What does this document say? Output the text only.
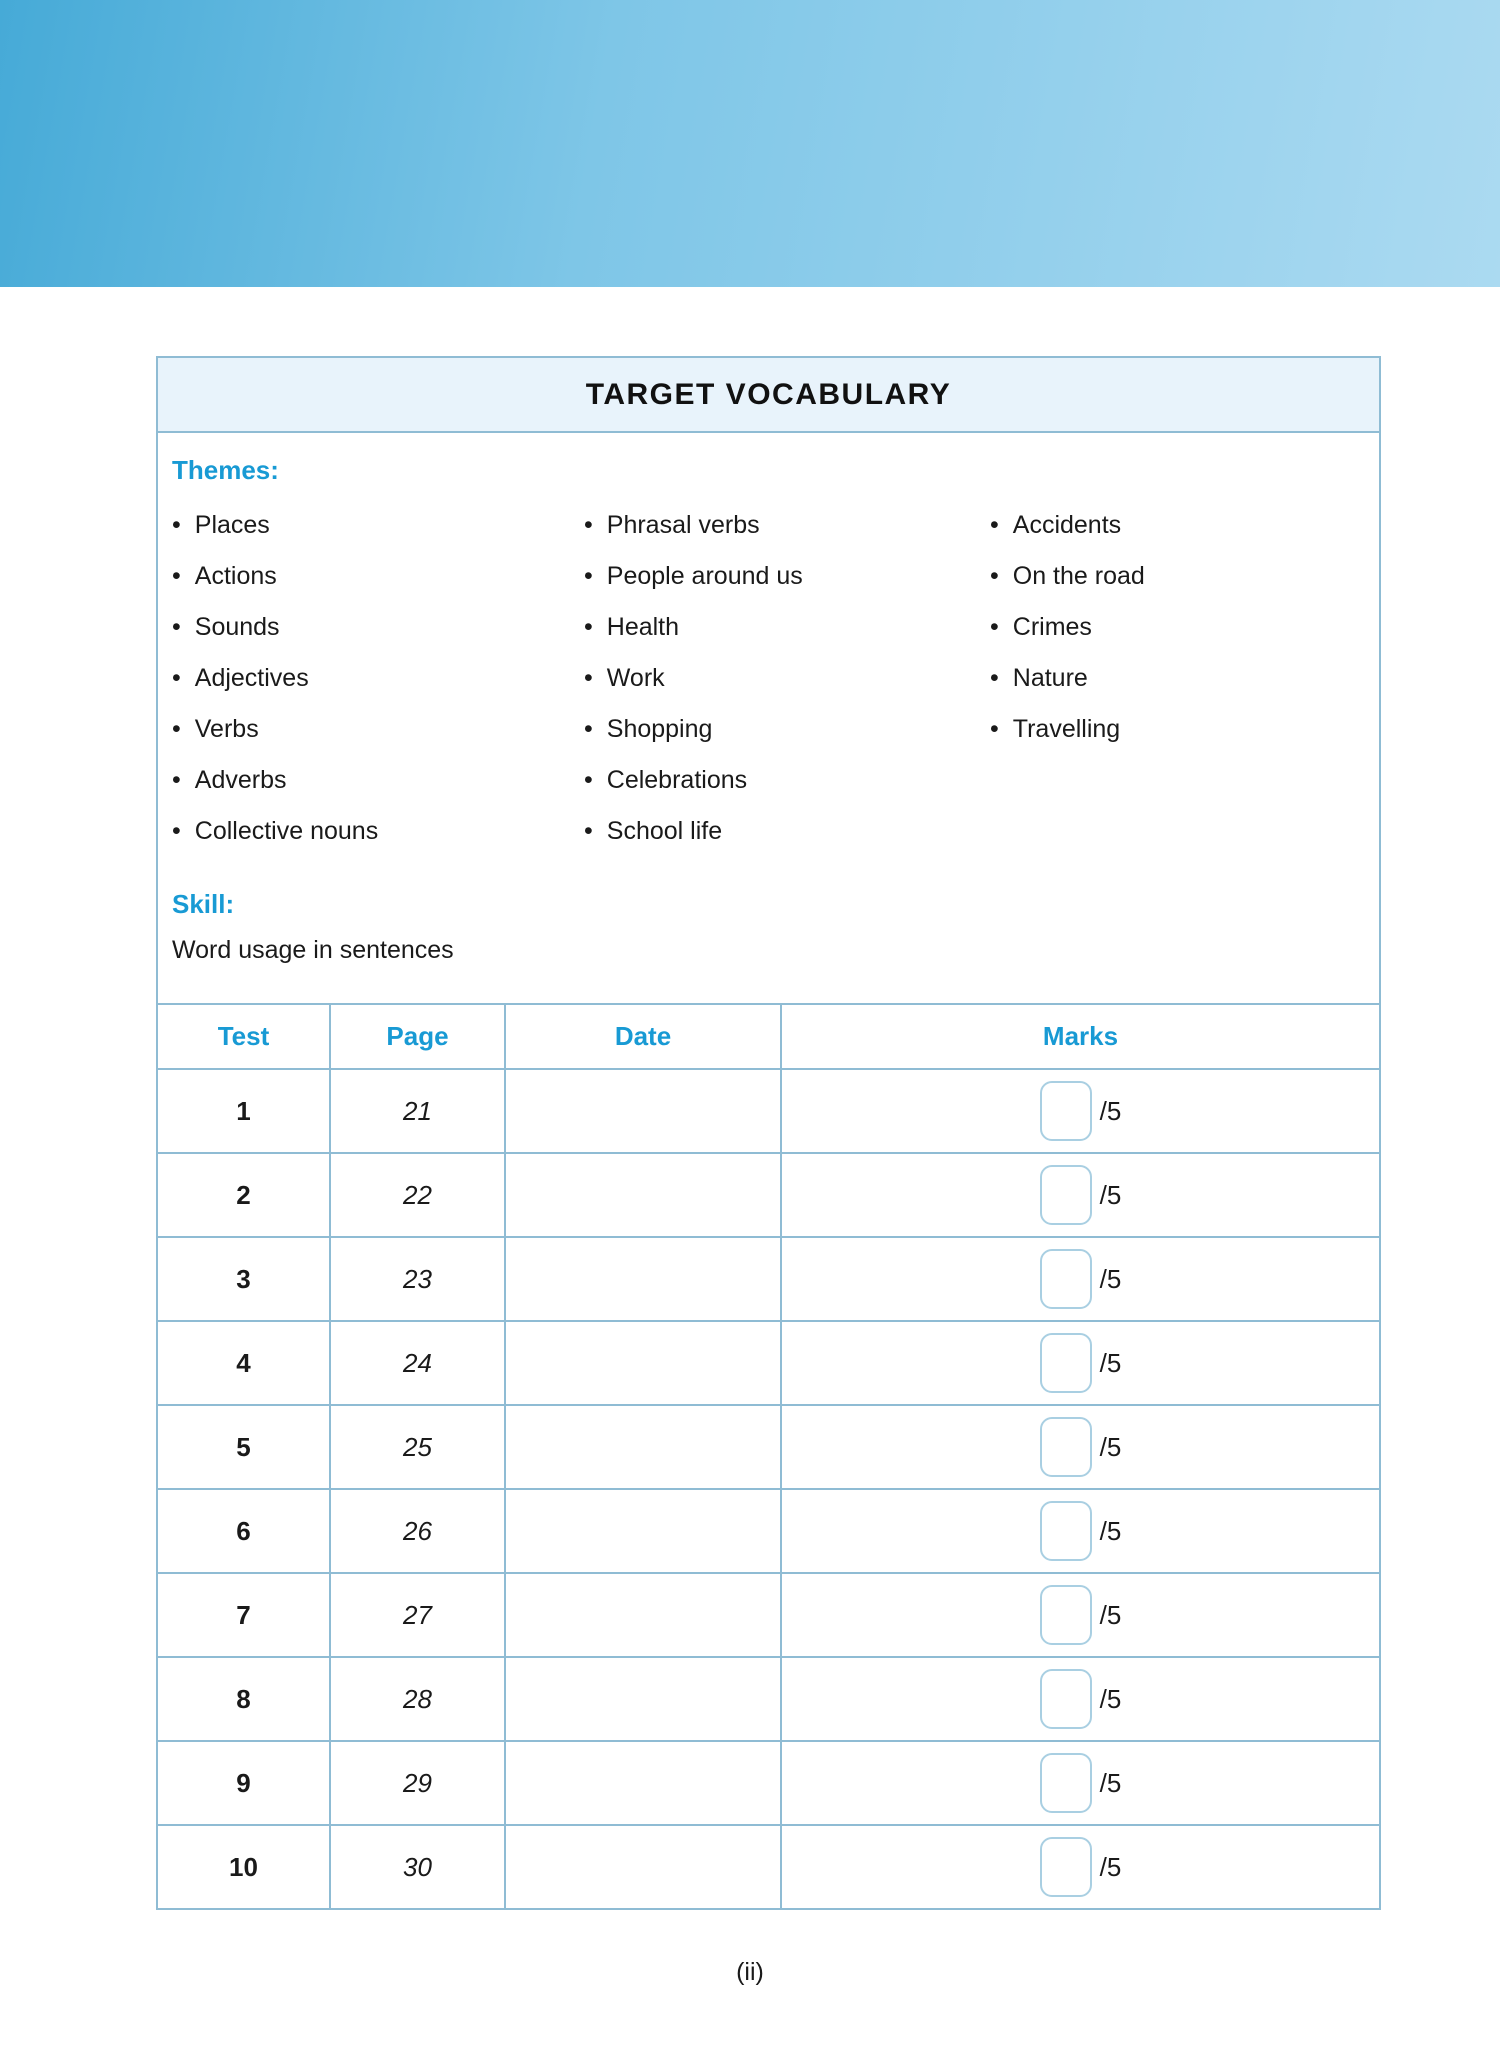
TARGET VOCABULARY
Themes:
• Places
• Actions
• Sounds
• Adjectives
• Verbs
• Adverbs
• Collective nouns
• Phrasal verbs
• People around us
• Health
• Work
• Shopping
• Celebrations
• School life
• Accidents
• On the road
• Crimes
• Nature
• Travelling
Skill:
Word usage in sentences
Test	Page	Date	Marks
1	21		/5
2	22		/5
3	23		/5
4	24		/5
5	25		/5
6	26		/5
7	27		/5
8	28		/5
9	29		/5
10	30		/5
(ii)
